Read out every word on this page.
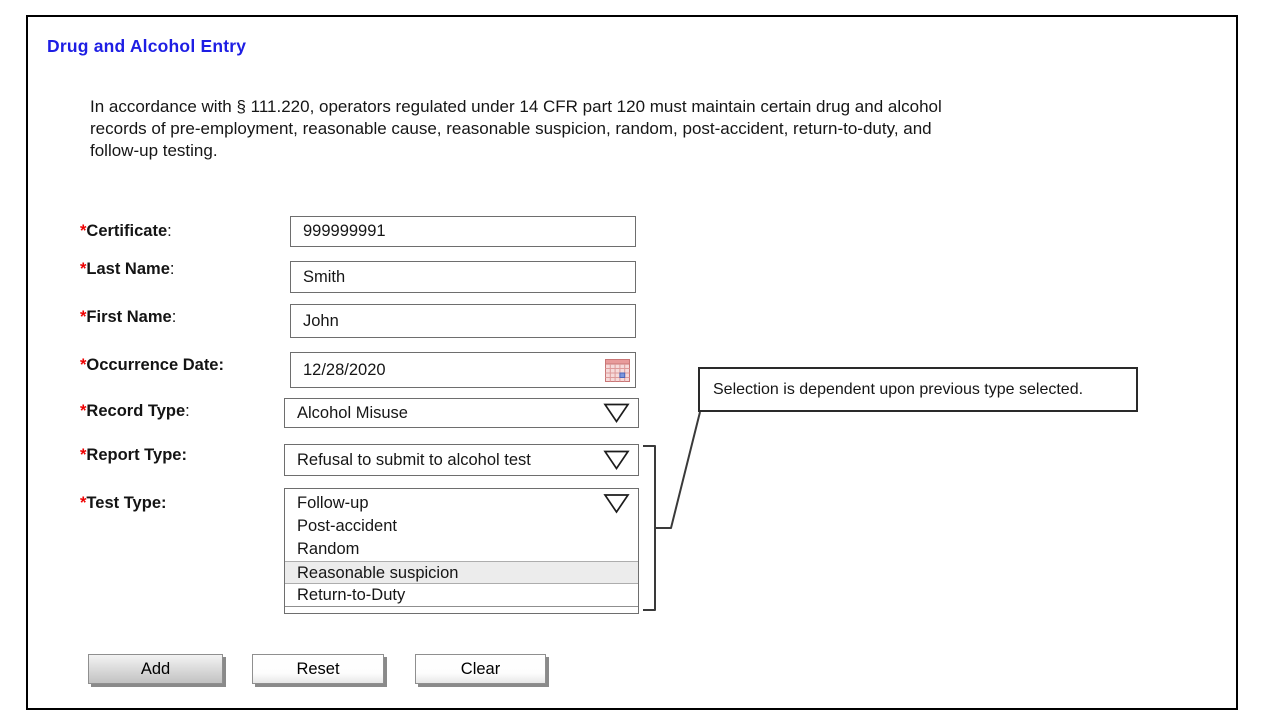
Drug and Alcohol Entry
In accordance with § 111.220, operators regulated under 14 CFR part 120 must maintain certain drug and alcohol
records of pre-employment, reasonable cause, reasonable suspicion, random, post-accident, return-to-duty, and
follow-up testing.
*Certificate:
999999991
*Last Name:
Smith
*First Name:
John
*Occurrence Date:
12/28/2020
*Record Type:	Alcohol Misuse
*Report Type:	Refusal to submit to alcohol test
*Test Type:	Follow-up
Post-accident
Random
Reasonable suspicion
Return-to-Duty
Selection is dependent upon previous type selected.
Add	Reset	Clear
